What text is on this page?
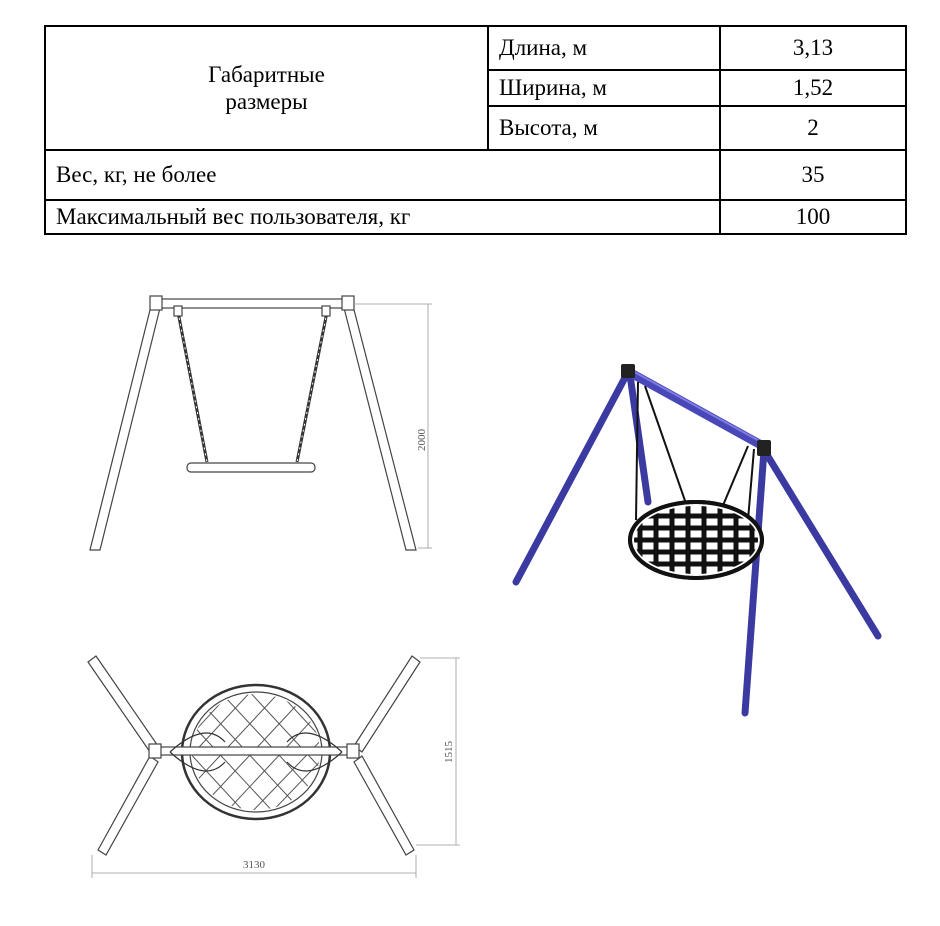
Габаритные
размеры	Длина, м	3,13
	Ширина, м	1,52
	Высота, м	2
Вес, кг, не более		35
Максимальный вес пользователя, кг		100
2000
1515
3130
